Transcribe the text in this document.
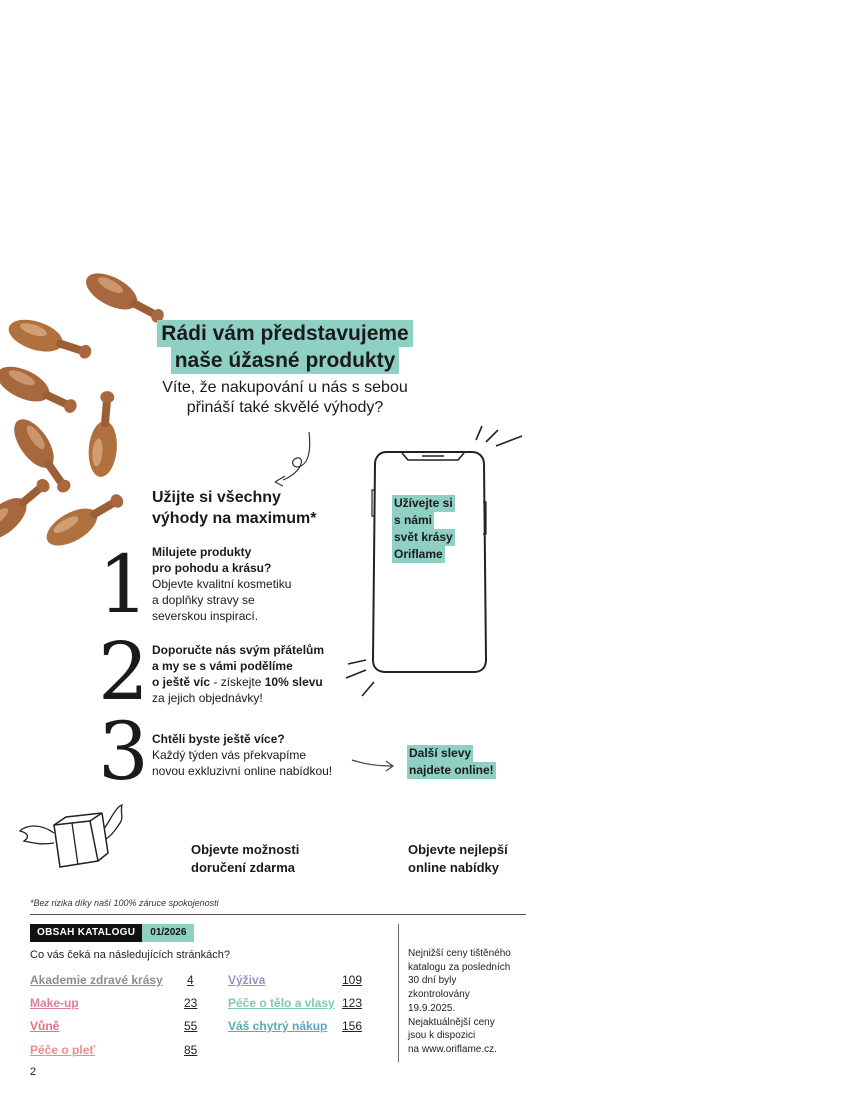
Rádi vám představujeme
naše úžasné produkty
Víte, že nakupování u nás s sebou
přináší také skvělé výhody?
Užijte si všechny
výhody na maximum*
1 Milujete produkty
pro pohodu a krásu?
Objevte kvalitní kosmetiku
a doplňky stravy se
severskou inspirací.
2 Doporučte nás svým přátelům
a my se s vámi podělíme
o ještě víc - získejte 10% slevu
za jejich objednávky!
3 Chtěli byste ještě více?
Každý týden vás překvapíme
novou exkluzivní online nabídkou!
Užívejte si
s námi
svět krásy
Oriflame
Další slevy
najdete online!
Objevte možnosti
doručení zdarma
Objevte nejlepší
online nabídky
*Bez rizika díky naší 100% záruce spokojenosti
OBSAH KATALOGU	01/2026
Co vás čeká na následujících stránkách?
Akademie zdravé krásy 4
Make-up	23
Vůně	55
Péče o pleť	85
Výživa	109
Péče o tělo a vlasy 123
Váš chytrý nákup 156
Nejnižší ceny tištěného
katalogu za posledních
30 dní byly
zkontrolovány
19.9.2025.
Nejaktuálnější ceny
jsou k dispozici
na www.oriflame.cz.
2
